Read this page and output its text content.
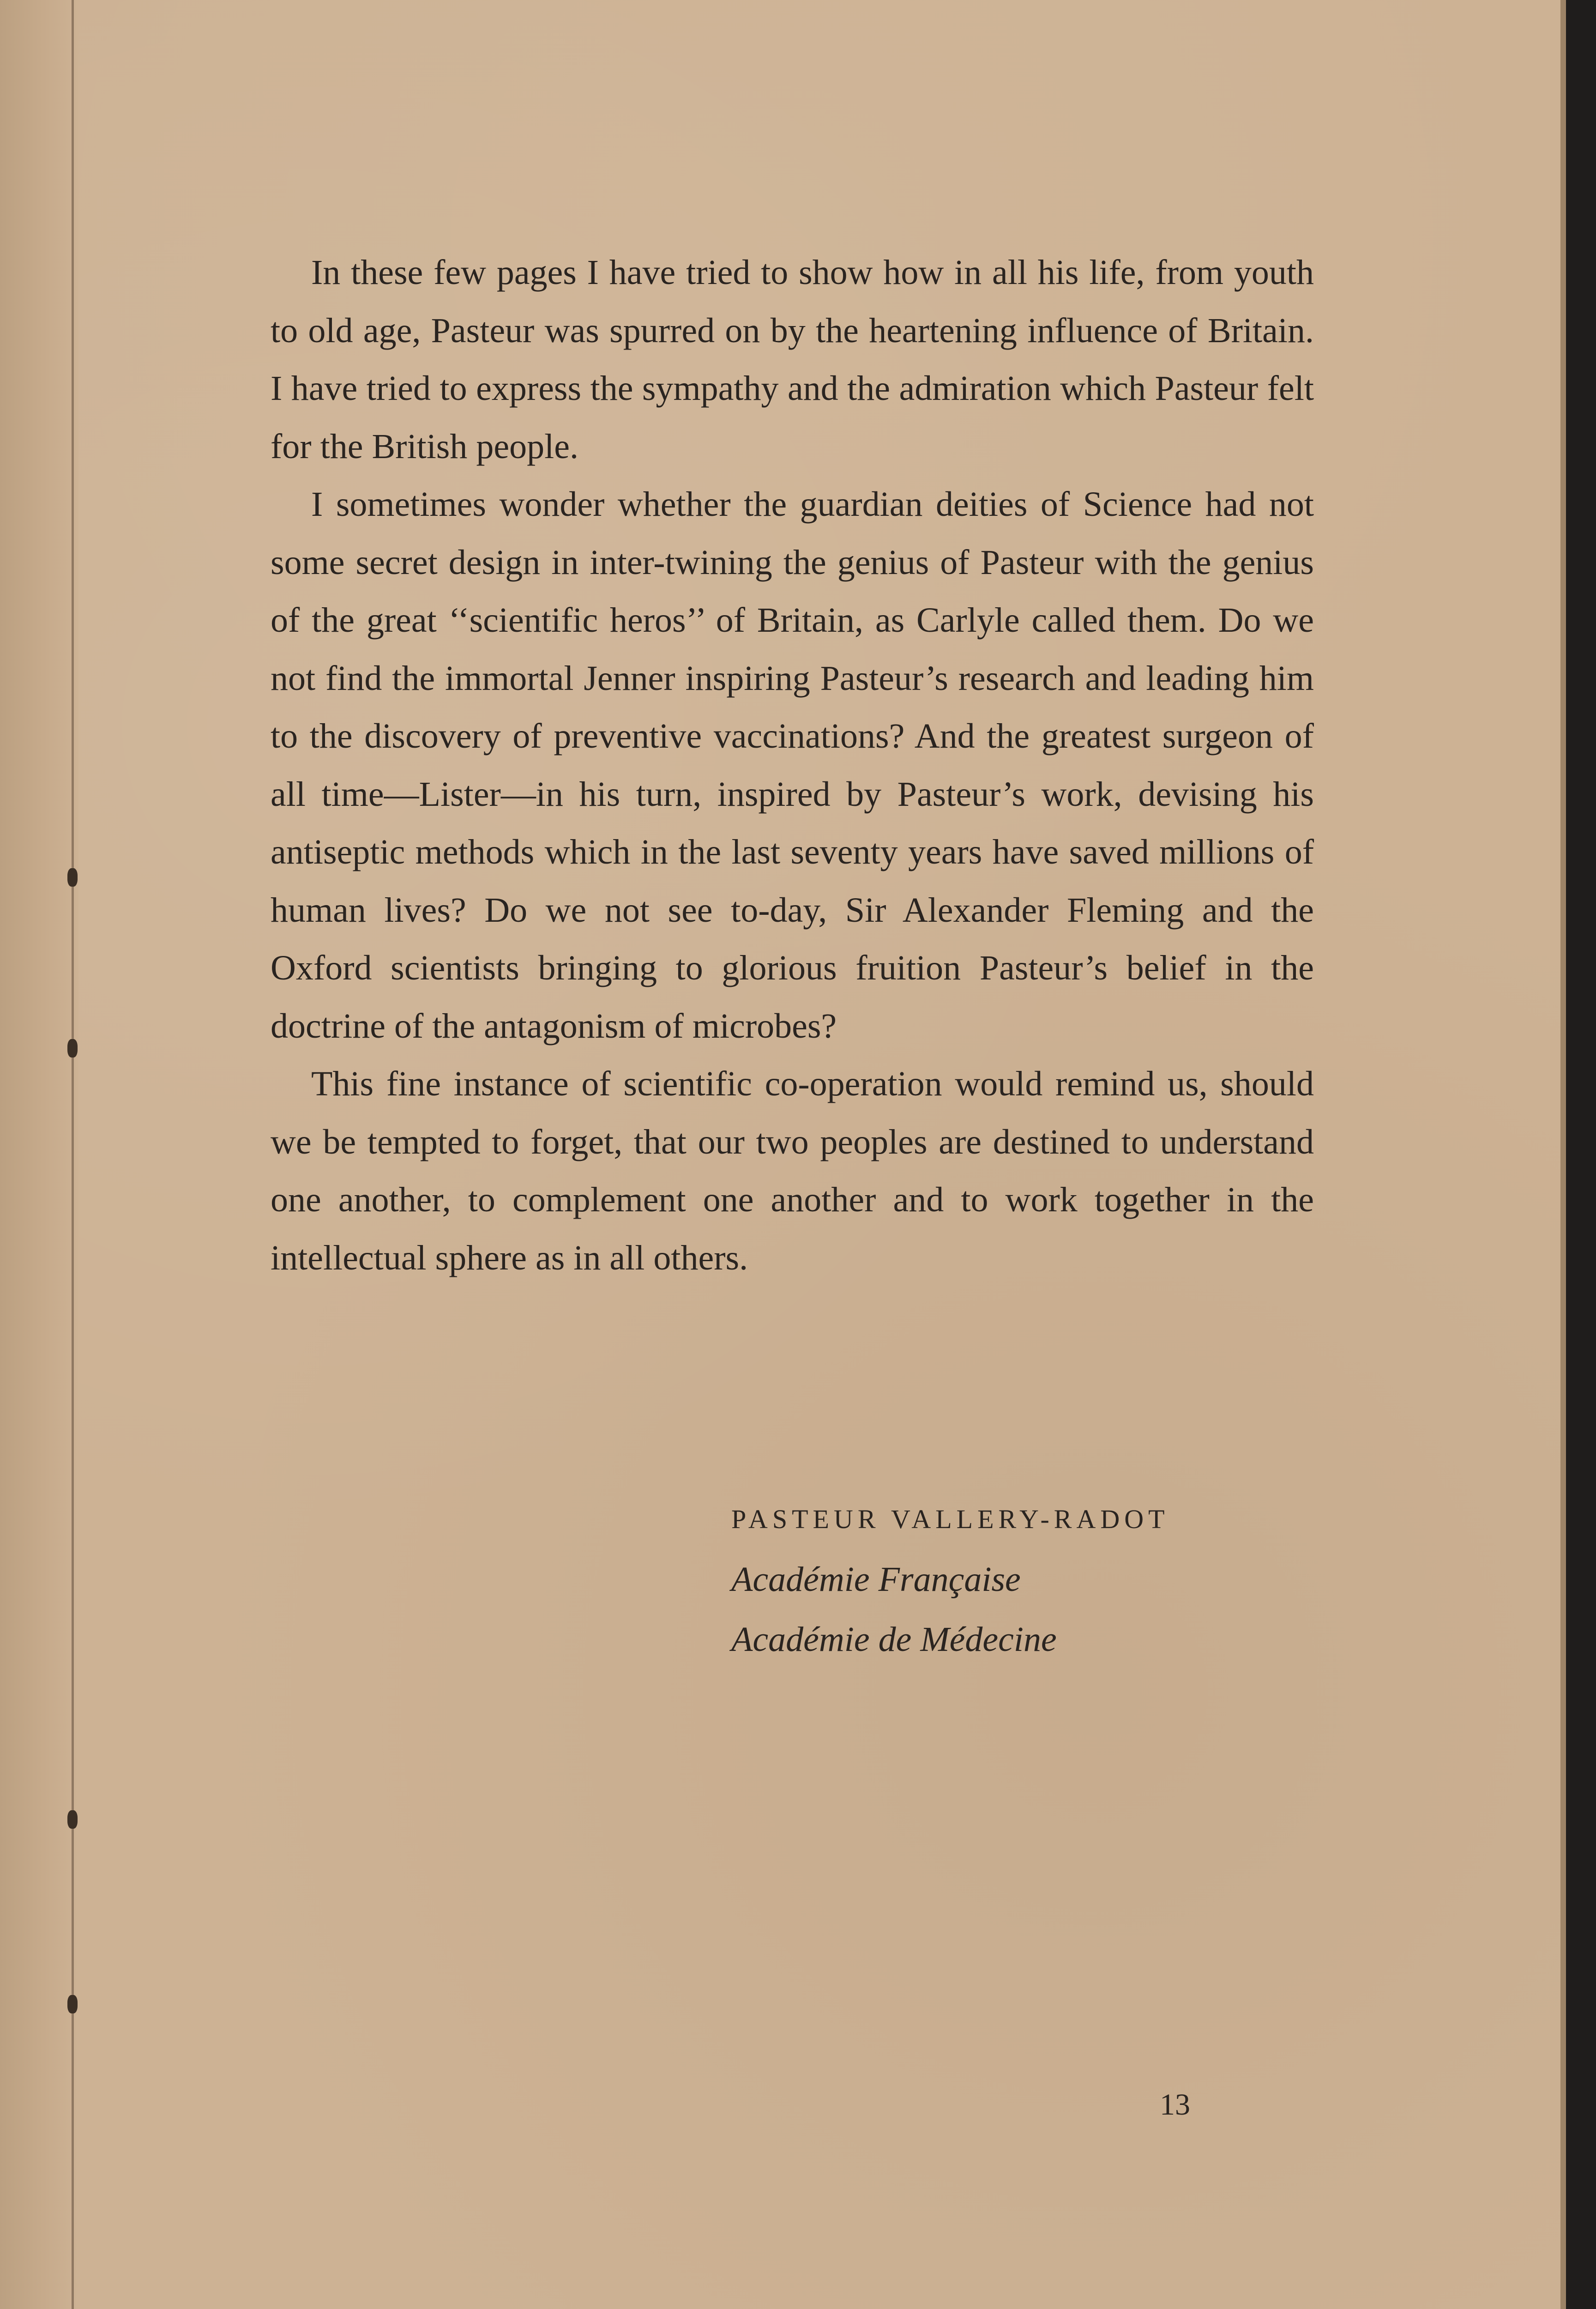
In these few pages I have tried to show how in all his life, from youth to old age, Pasteur was spurred on by the heartening influence of Britain. I have tried to express the sympathy and the admiration which Pasteur felt for the British people.

I sometimes wonder whether the guardian deities of Science had not some secret design in inter-twining the genius of Pasteur with the genius of the great ‘‘scientific heros’’ of Britain, as Carlyle called them. Do we not find the immortal Jenner inspiring Pasteur’s research and leading him to the discovery of preventive vaccinations? And the greatest surgeon of all time—Lister—in his turn, inspired by Pasteur’s work, devising his antiseptic methods which in the last seventy years have saved millions of human lives? Do we not see to-day, Sir Alexander Fleming and the Oxford scientists bringing to glorious fruition Pasteur’s belief in the doctrine of the antagonism of microbes?

This fine instance of scientific co-operation would remind us, should we be tempted to forget, that our two peoples are destined to understand one another, to complement one another and to work together in the intellectual sphere as in all others.

PASTEUR VALLERY-RADOT
Académie Française
Académie de Médecine
13
